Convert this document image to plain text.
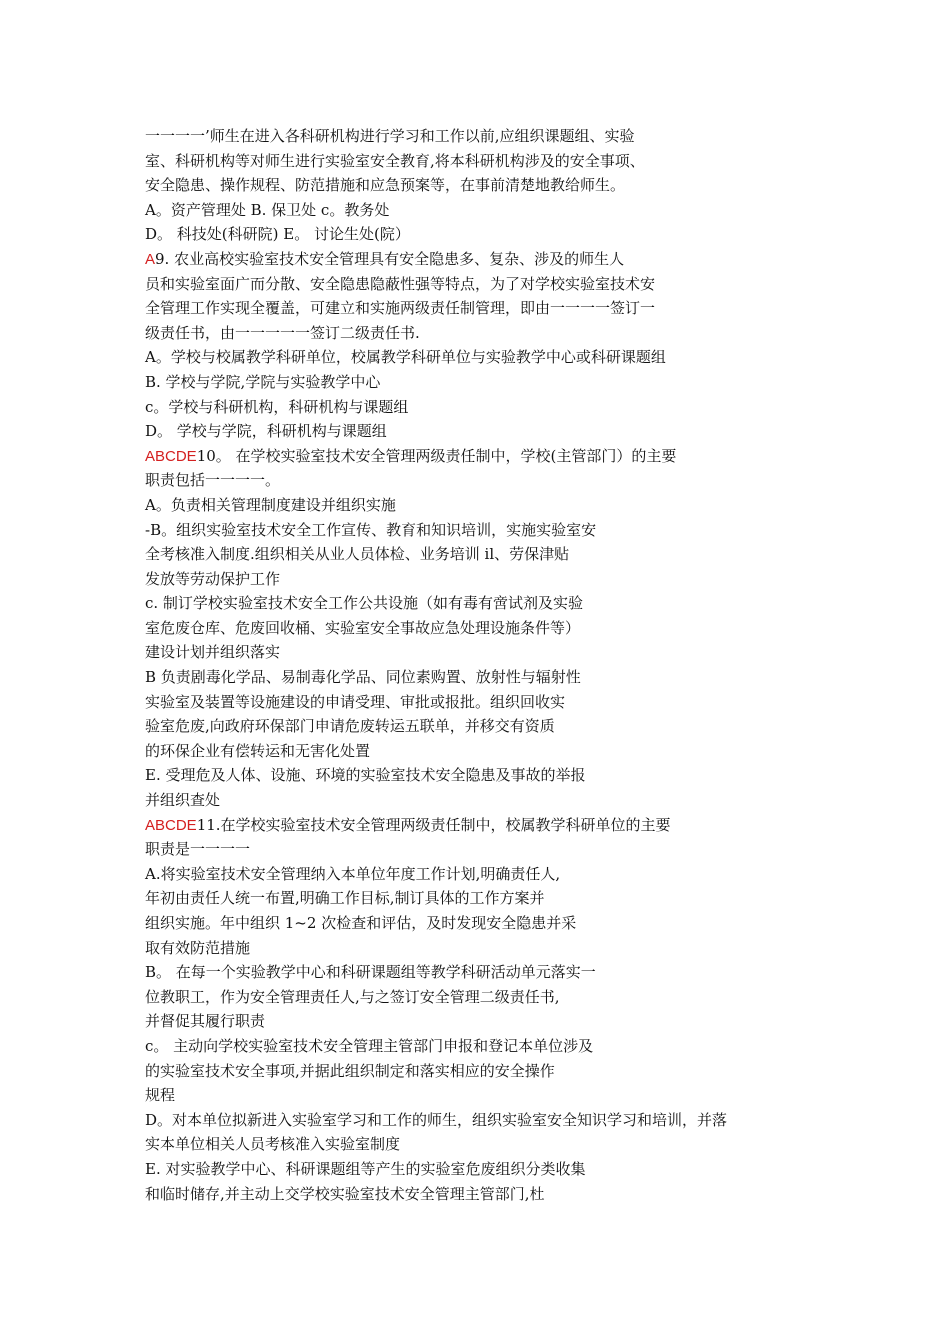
一一一一’师生在进入各科研机构进行学习和工作以前,应组织课题组、实验
室、科研机构等对师生进行实验室安全教育,将本科研机构涉及的安全事项、
安全隐患、操作规程、防范措施和应急预案等，在事前清楚地教给师生。
A。资产管理处 B. 保卫处 c。教务处
D。 科技处(科研院) E。 讨论生处(院）
A9. 农业高校实验室技术安全管理具有安全隐患多、复杂、涉及的师生人
员和实验室面广而分散、安全隐患隐蔽性强等特点，为了对学校实验室技术安
全管理工作实现全覆盖，可建立和实施两级责任制管理，即由一一一一签订一
级责任书，由一一一一一签订二级责任书.
A。学校与校属教学科研单位，校属教学科研单位与实验教学中心或科研课题组
B. 学校与学院,学院与实验教学中心
c。学校与科研机构，科研机构与课题组
D。 学校与学院，科研机构与课题组
ABCDE10。 在学校实验室技术安全管理两级责任制中，学校(主管部门）的主要
职责包括一一一一。
A。负责相关管理制度建设并组织实施
-B。组织实验室技术安全工作宣传、教育和知识培训，实施实验室安
全考核准入制度.组织相关从业人员体检、业务培训 il、劳保津贴
发放等劳动保护工作
c. 制订学校实验室技术安全工作公共设施（如有毒有啻试剂及实验
室危废仓库、危废回收桶、实验室安全事故应急处理设施条件等）
建设计划并组织落实
B 负责剧毒化学品、易制毒化学品、同位素购置、放射性与辐射性
实验室及装置等设施建设的申请受理、审批或报批。组织回收实
验室危废,向政府环保部门申请危废转运五联单，并移交有资质
的环保企业有偿转运和无害化处置
E. 受理危及人体、设施、环境的实验室技术安全隐患及事故的举报
并组织查处
ABCDE11.在学校实验室技术安全管理两级责任制中，校属教学科研单位的主要
职责是一一一一
A.将实验室技术安全管理纳入本单位年度工作计划,明确责任人,
年初由责任人统一布置,明确工作目标,制订具体的工作方案并
组织实施。年中组织 1~2 次检查和评估，及时发现安全隐患并采
取有效防范措施
B。 在每一个实验教学中心和科研课题组等教学科研活动单元落实一
位教职工，作为安全管理责任人,与之签订安全管理二级责任书,
并督促其履行职责
c。 主动向学校实验室技术安全管理主管部门申报和登记本单位涉及
的实验室技术安全事项,并据此组织制定和落实相应的安全操作
规程
D。对本单位拟新进入实验室学习和工作的师生，组织实验室安全知识学习和培训，并落
实本单位相关人员考核准入实验室制度
E. 对实验教学中心、科研课题组等产生的实验室危废组织分类收集
和临时储存,并主动上交学校实验室技术安全管理主管部门,杜
